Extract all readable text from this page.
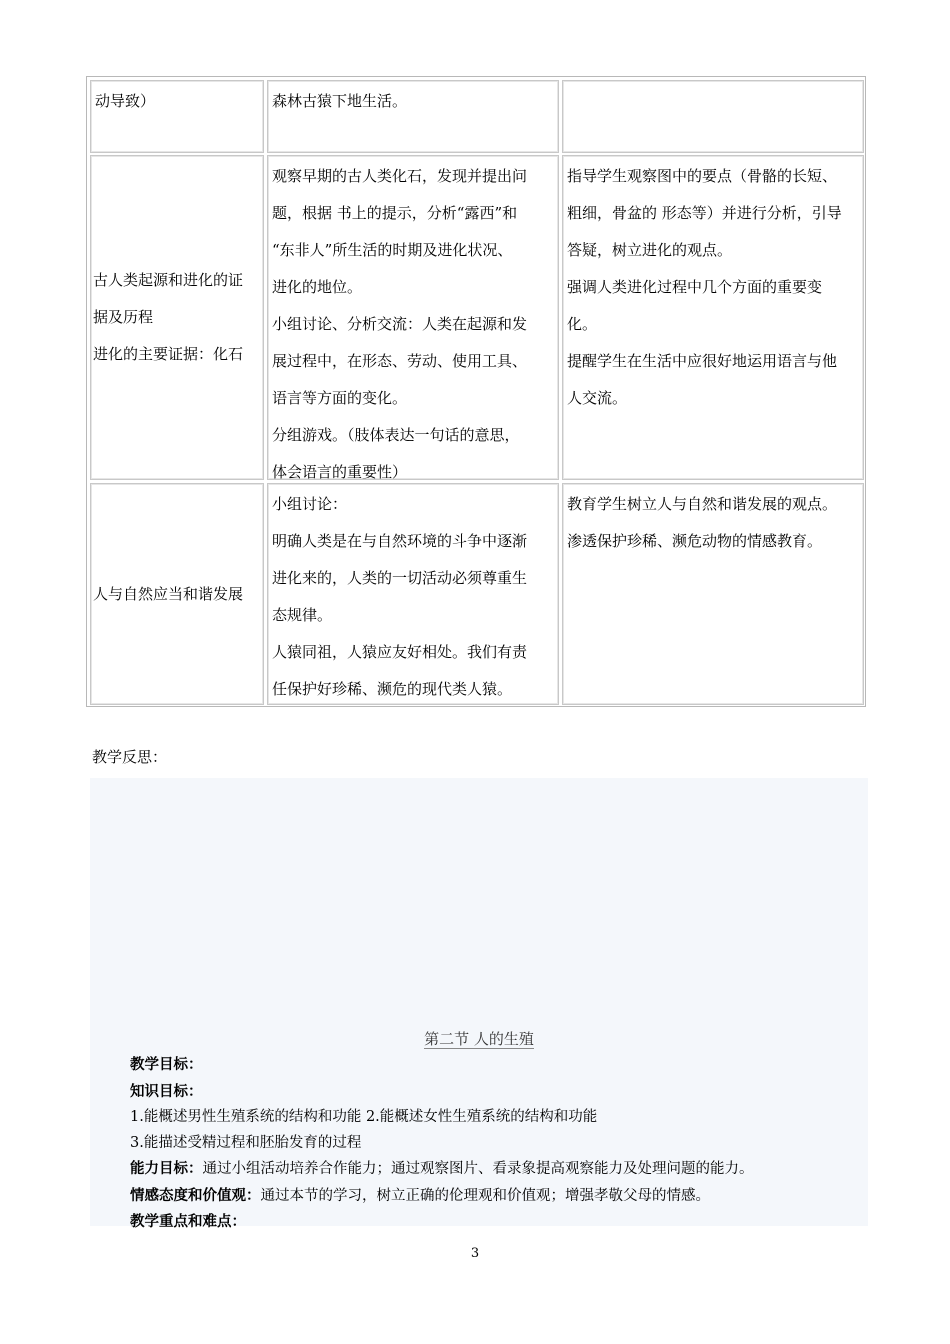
动导致）	森林古猿下地生活。

古人类起源和进化的证

据及历程

进化的主要证据：化石

观察早期的古人类化石，发现并提出问

题，根据 书上的提示，分析“露西”和

“东非人”所生活的时期及进化状况、

进化的地位。

小组讨论、分析交流：人类在起源和发

展过程中，在形态、劳动、使用工具、

语言等方面的变化。

分组游戏。（肢体表达一句话的意思，

体会语言的重要性）

指导学生观察图中的要点（骨骼的长短、

粗细，骨盆的 形态等）并进行分析，引导

答疑，树立进化的观点。

强调人类进化过程中几个方面的重要变

化。

提醒学生在生活中应很好地运用语言与他

人交流。

人与自然应当和谐发展

小组讨论：

明确人类是在与自然环境的斗争中逐渐

进化来的，人类的一切活动必须尊重生

态规律。

人猿同祖，人猿应友好相处。我们有责

任保护好珍稀、濒危的现代类人猿。

教育学生树立人与自然和谐发展的观点。

渗透保护珍稀、濒危动物的情感教育。

教学反思：
第二节 人的生殖
教学目标：
知识目标：
1.能概述男性生殖系统的结构和功能 2.能概述女性生殖系统的结构和功能
3.能描述受精过程和胚胎发育的过程
能力目标：通过小组活动培养合作能力；通过观察图片、看录象提高观察能力及处理问题的能力。
情感态度和价值观：通过本节的学习，树立正确的伦理观和价值观；增强孝敬父母的情感。
教学重点和难点：
3
